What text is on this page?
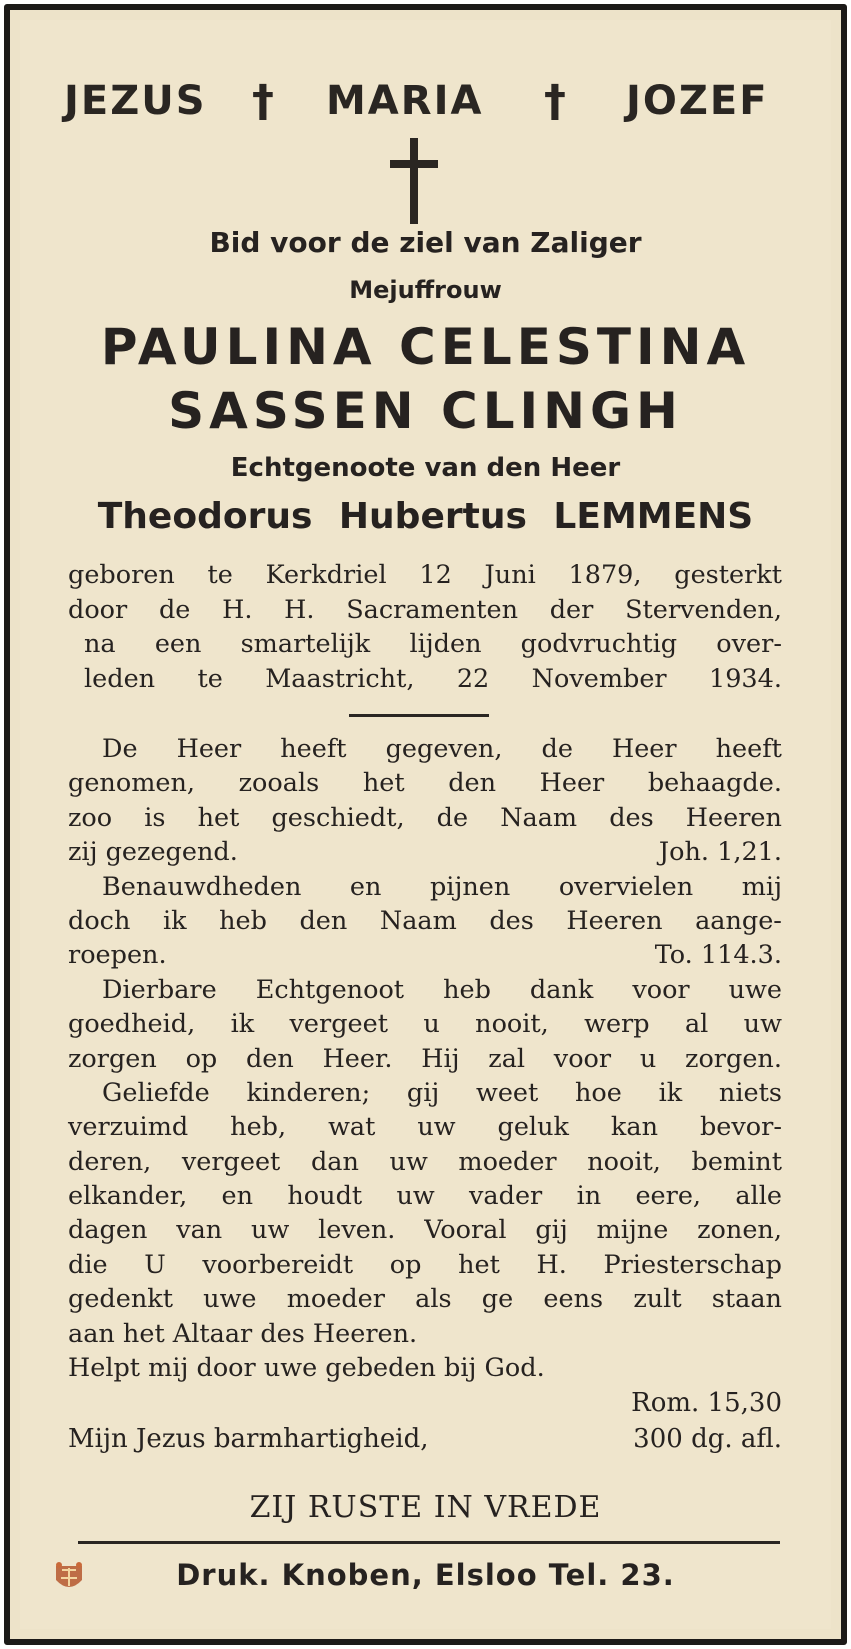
JEZUS † MARIA † JOZEF
Bid voor de ziel van Zaliger
Mejuffrouw
PAULINA CELESTINA
SASSEN CLINGH
Echtgenoote van den Heer
Theodorus Hubertus LEMMENS
geboren te Kerkdriel 12 Juni 1879, gesterkt
door de H. H. Sacramenten der Stervenden,
na een smartelijk lijden godvruchtig over-
leden te Maastricht, 22 November 1934.
De Heer heeft gegeven, de Heer heeft
genomen, zooals het den Heer behaagde.
zoo is het geschiedt, de Naam des Heeren
zij gezegend.	Joh. 1,21.
Benauwdheden en pijnen overvielen mij
doch ik heb den Naam des Heeren aange-
roepen.	To. 114.3.
Dierbare Echtgenoot heb dank voor uwe
goedheid, ik vergeet u nooit, werp al uw
zorgen op den Heer. Hij zal voor u zorgen.
Geliefde kinderen; gij weet hoe ik niets
verzuimd heb, wat uw geluk kan bevor-
deren, vergeet dan uw moeder nooit, bemint
elkander, en houdt uw vader in eere, alle
dagen van uw leven. Vooral gij mijne zonen,
die U voorbereidt op het H. Priesterschap
gedenkt uwe moeder als ge eens zult staan
aan het Altaar des Heeren.
Helpt mij door uwe gebeden bij God.
Rom. 15,30
Mijn Jezus barmhartigheid,	300 dg. afl.
ZIJ RUSTE IN VREDE
Druk. Knoben, Elsloo Tel. 23.
